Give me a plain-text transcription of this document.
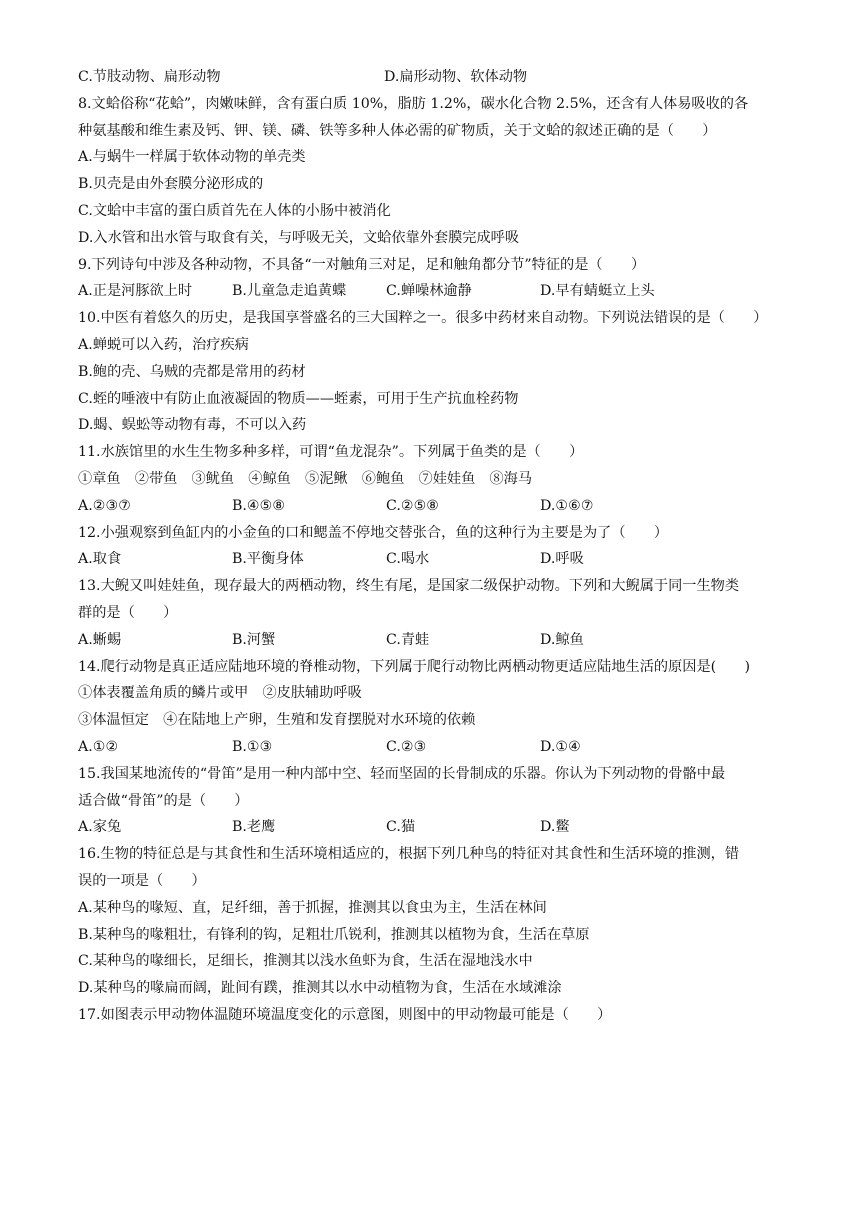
C.节肢动物、扁形动物	D.扁形动物、软体动物
8.文蛤俗称“花蛤”，肉嫩味鲜，含有蛋白质 10%，脂肪 1.2%，碳水化合物 2.5%，还含有人体易吸收的各
种氨基酸和维生素及钙、钾、镁、磷、铁等多种人体必需的矿物质，关于文蛤的叙述正确的是（　　）
A.与蜗牛一样属于软体动物的单壳类
B.贝壳是由外套膜分泌形成的
C.文蛤中丰富的蛋白质首先在人体的小肠中被消化
D.入水管和出水管与取食有关，与呼吸无关，文蛤依靠外套膜完成呼吸
9.下列诗句中涉及各种动物，不具备“一对触角三对足，足和触角都分节”特征的是（　　）
A.正是河豚欲上时	B.儿童急走追黄蝶	C.蝉噪林逾静	D.早有蜻蜓立上头
10.中医有着悠久的历史，是我国享誉盛名的三大国粹之一。很多中药材来自动物。下列说法错误的是（　　）
A.蝉蜕可以入药，治疗疾病
B.鲍的壳、乌贼的壳都是常用的药材
C.蛭的唾液中有防止血液凝固的物质——蛭素，可用于生产抗血栓药物
D.蝎、蜈蚣等动物有毒，不可以入药
11.水族馆里的水生生物多种多样，可谓“鱼龙混杂”。下列属于鱼类的是（　　）
①章鱼　②带鱼　③鱿鱼　④鲸鱼　⑤泥鳅　⑥鲍鱼　⑦娃娃鱼　⑧海马
A.②③⑦	B.④⑤⑧	C.②⑤⑧	D.①⑥⑦
12.小强观察到鱼缸内的小金鱼的口和鳃盖不停地交替张合，鱼的这种行为主要是为了（　　）
A.取食	B.平衡身体	C.喝水	D.呼吸
13.大鲵又叫娃娃鱼，现存最大的两栖动物，终生有尾，是国家二级保护动物。下列和大鲵属于同一生物类
群的是（　　）
A.蜥蜴	B.河蟹	C.青蛙	D.鲸鱼
14.爬行动物是真正适应陆地环境的脊椎动物，下列属于爬行动物比两栖动物更适应陆地生活的原因是(　　)
①体表覆盖角质的鳞片或甲　②皮肤辅助呼吸
③体温恒定　④在陆地上产卵，生殖和发育摆脱对水环境的依赖
A.①②	B.①③	C.②③	D.①④
15.我国某地流传的“骨笛”是用一种内部中空、轻而坚固的长骨制成的乐器。你认为下列动物的骨骼中最
适合做“骨笛”的是（　　）
A.家兔	B.老鹰	C.猫	D.鳖
16.生物的特征总是与其食性和生活环境相适应的，根据下列几种鸟的特征对其食性和生活环境的推测，错
误的一项是（　　）
A.某种鸟的喙短、直，足纤细，善于抓握，推测其以食虫为主，生活在林间
B.某种鸟的喙粗壮，有锋利的钩，足粗壮爪锐利，推测其以植物为食，生活在草原
C.某种鸟的喙细长，足细长，推测其以浅水鱼虾为食，生活在湿地浅水中
D.某种鸟的喙扁而阔，趾间有蹼，推测其以水中动植物为食，生活在水域滩涂
17.如图表示甲动物体温随环境温度变化的示意图，则图中的甲动物最可能是（　　）
